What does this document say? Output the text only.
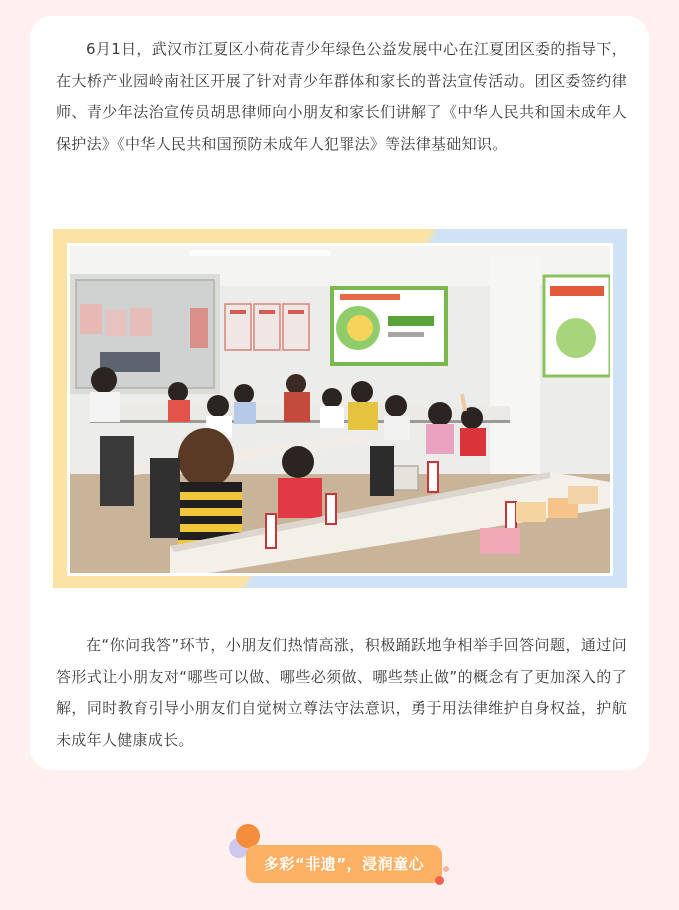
6月1日，武汉市江夏区小荷花青少年绿色公益发展中心在江夏团区委的指导下，在大桥产业园岭南社区开展了针对青少年群体和家长的普法宣传活动。团区委签约律师、青少年法治宣传员胡思律师向小朋友和家长们讲解了《中华人民共和国未成年人保护法》《中华人民共和国预防未成年人犯罪法》等法律基础知识。

在“你问我答”环节，小朋友们热情高涨，积极踊跃地争相举手回答问题，通过问答形式让小朋友对“哪些可以做、哪些必须做、哪些禁止做”的概念有了更加深入的了解，同时教育引导小朋友们自觉树立尊法守法意识，勇于用法律维护自身权益，护航未成年人健康成长。

多彩“非遗”，浸润童心
